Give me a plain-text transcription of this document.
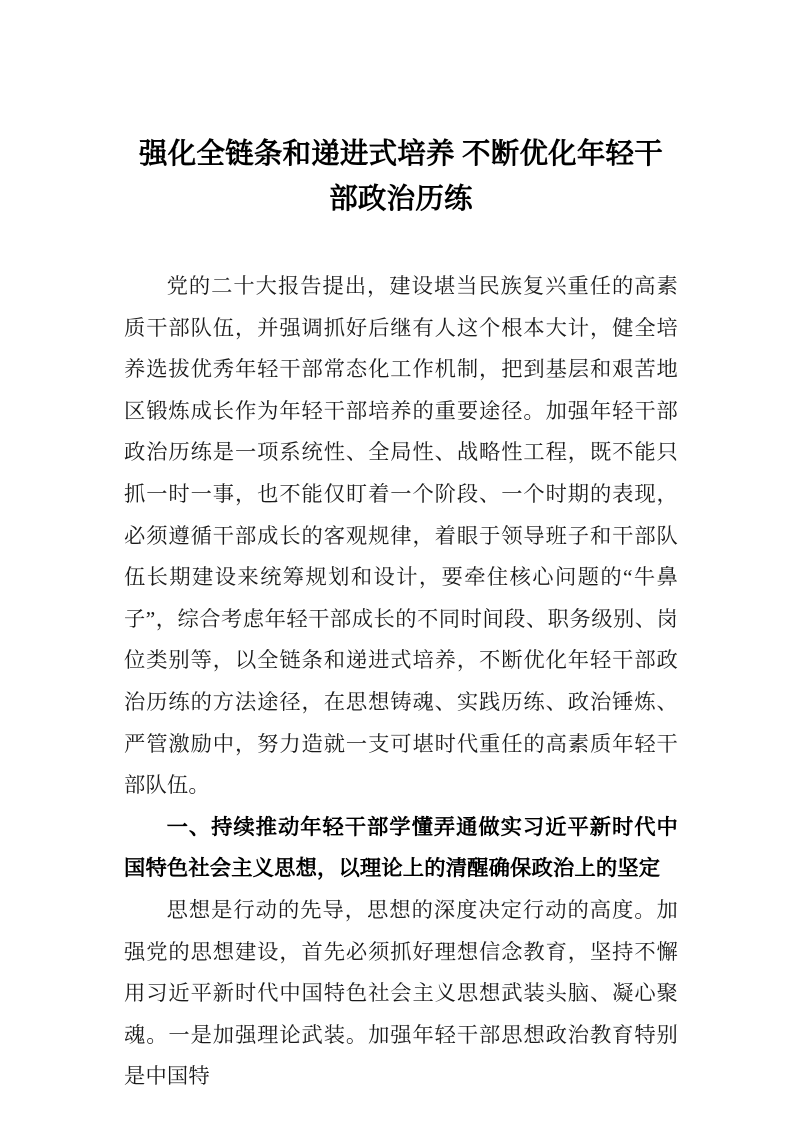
强化全链条和递进式培养 不断优化年轻干
部政治历练

党的二十大报告提出，建设堪当民族复兴重任的高素质干部队伍，并强调抓好后继有人这个根本大计，健全培养选拔优秀年轻干部常态化工作机制，把到基层和艰苦地区锻炼成长作为年轻干部培养的重要途径。加强年轻干部政治历练是一项系统性、全局性、战略性工程，既不能只抓一时一事，也不能仅盯着一个阶段、一个时期的表现，必须遵循干部成长的客观规律，着眼于领导班子和干部队伍长期建设来统筹规划和设计，要牵住核心问题的“牛鼻子”，综合考虑年轻干部成长的不同时间段、职务级别、岗位类别等，以全链条和递进式培养，不断优化年轻干部政治历练的方法途径，在思想铸魂、实践历练、政治锤炼、严管激励中，努力造就一支可堪时代重任的高素质年轻干部队伍。

一、持续推动年轻干部学懂弄通做实习近平新时代中国特色社会主义思想，以理论上的清醒确保政治上的坚定

思想是行动的先导，思想的深度决定行动的高度。加强党的思想建设，首先必须抓好理想信念教育，坚持不懈用习近平新时代中国特色社会主义思想武装头脑、凝心聚魂。一是加强理论武装。加强年轻干部思想政治教育特别是中国特
